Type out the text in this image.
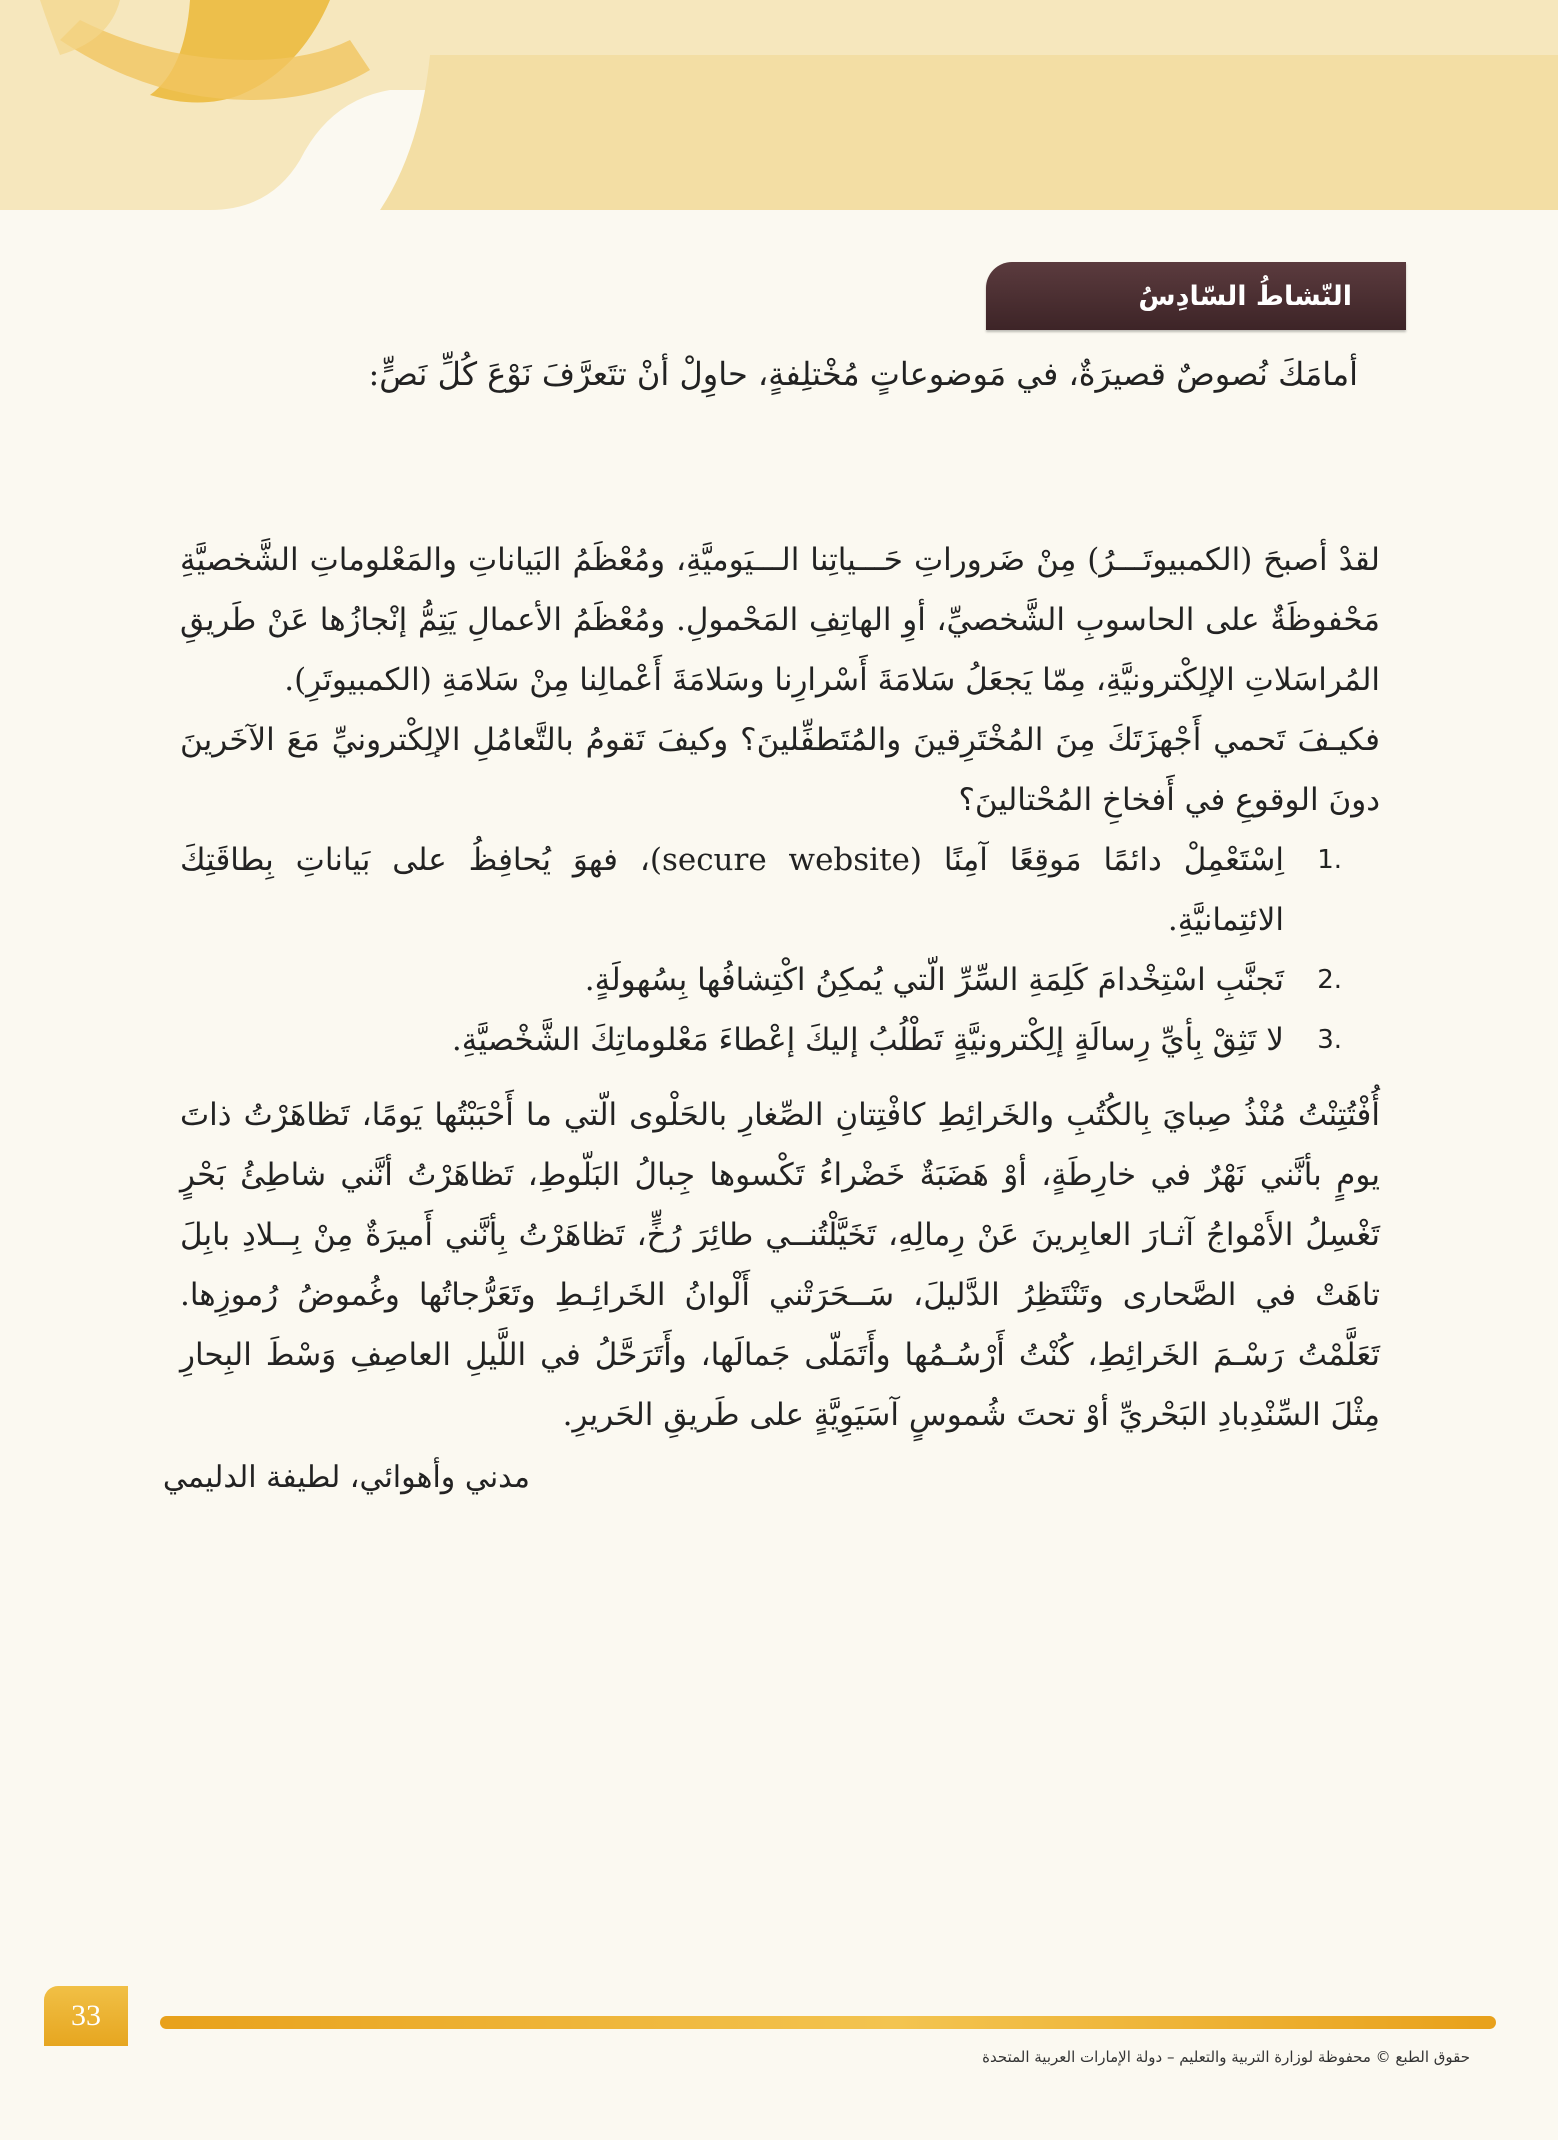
النّشاطُ السّادِسُ

أمامَكَ نُصوصٌ قصيرَةٌ، في مَوضوعاتٍ مُخْتلِفةٍ، حاوِلْ أنْ تتَعرَّفَ نَوْعَ كُلِّ نَصٍّ:

لقدْ أصبحَ (الكمبيوتَـــرُ) مِنْ ضَروراتِ حَـــياتِنا الـــيَوميَّةِ، ومُعْظَمُ البَياناتِ والمَعْلوماتِ الشَّخصيَّةِ مَحْفوظَةٌ على الحاسوبِ الشَّخصيِّ، أوِ الهاتِفِ المَحْمولِ. ومُعْظَمُ الأعمالِ يَتِمُّ إنْجازُها عَنْ طَريقِ المُراسَلاتِ الإلِكْترونيَّةِ، مِمّا يَجعَلُ سَلامَةَ أَسْرارِنا وسَلامَةَ أَعْمالِنا مِنْ سَلامَةِ (الكمبيوتَرِ).

فكيـفَ تَحمي أَجْهزَتَكَ مِنَ المُخْتَرِقينَ والمُتَطفِّلينَ؟ وكيفَ تَقومُ بالتَّعامُلِ الإلِكْترونيِّ مَعَ الآخَرينَ دونَ الوقوعِ في أَفخاخِ المُحْتالينَ؟

.1
اِسْتَعْمِلْ دائمًا مَوقِعًا آمِنًا (secure website)، فهوَ يُحافِظُ على بَياناتِ بِطاقَتِكَ الائتِمانيَّةِ.
.2
تَجنَّبِ اسْتِخْدامَ كَلِمَةِ السِّرِّ الّتي يُمكِنُ اكْتِشافُها بِسُهولَةٍ.
.3
لا تَثِقْ بِأيِّ رِسالَةٍ إلِكْترونيَّةٍ تَطْلُبُ إليكَ إعْطاءَ مَعْلوماتِكَ الشَّخْصيَّةِ.

أُفْتُتِنْتُ مُنْذُ صِبايَ بِالكُتُبِ والخَرائِطِ كافْتِتانِ الصِّغارِ بالحَلْوى الّتي ما أَحْبَبْتُها يَومًا، تَظاهَرْتُ ذاتَ يومٍ بأنَّني نَهْرٌ في خارِطَةٍ، أوْ هَضَبَةٌ خَضْراءُ تَكْسوها جِبالُ البَلّوطِ، تَظاهَرْتُ أنَّني شاطِئُ بَحْرٍ تَغْسِلُ الأَمْواجُ آثـارَ العابِرينَ عَنْ رِمالِهِ، تَخَيَّلْتُنــي طائِرَ رُخٍّ، تَظاهَرْتُ بِأنَّني أَميرَةٌ مِنْ بِــلادِ بابِلَ تاهَتْ في الصَّحارى وتَنْتَظِرُ الدَّليلَ، سَــحَرَتْني أَلْوانُ الخَرائِـطِ وتَعَرُّجاتُها وغُموضُ رُموزِها. تَعَلَّمْتُ رَسْـمَ الخَرائِطِ، كُنْتُ أَرْسُـمُها وأَتَمَلّى جَمالَها، وأَتَرَحَّلُ في اللَّيلِ العاصِفِ وَسْطَ البِحارِ مِثْلَ السِّنْدِبادِ البَحْريِّ أوْ تحتَ شُموسٍ آسَيَوِيَّةٍ على طَريقِ الحَريرِ.

مدني وأهوائي، لطيفة الدليمي

33

حقوق الطبع © محفوظة لوزارة التربية والتعليم – دولة الإمارات العربية المتحدة
